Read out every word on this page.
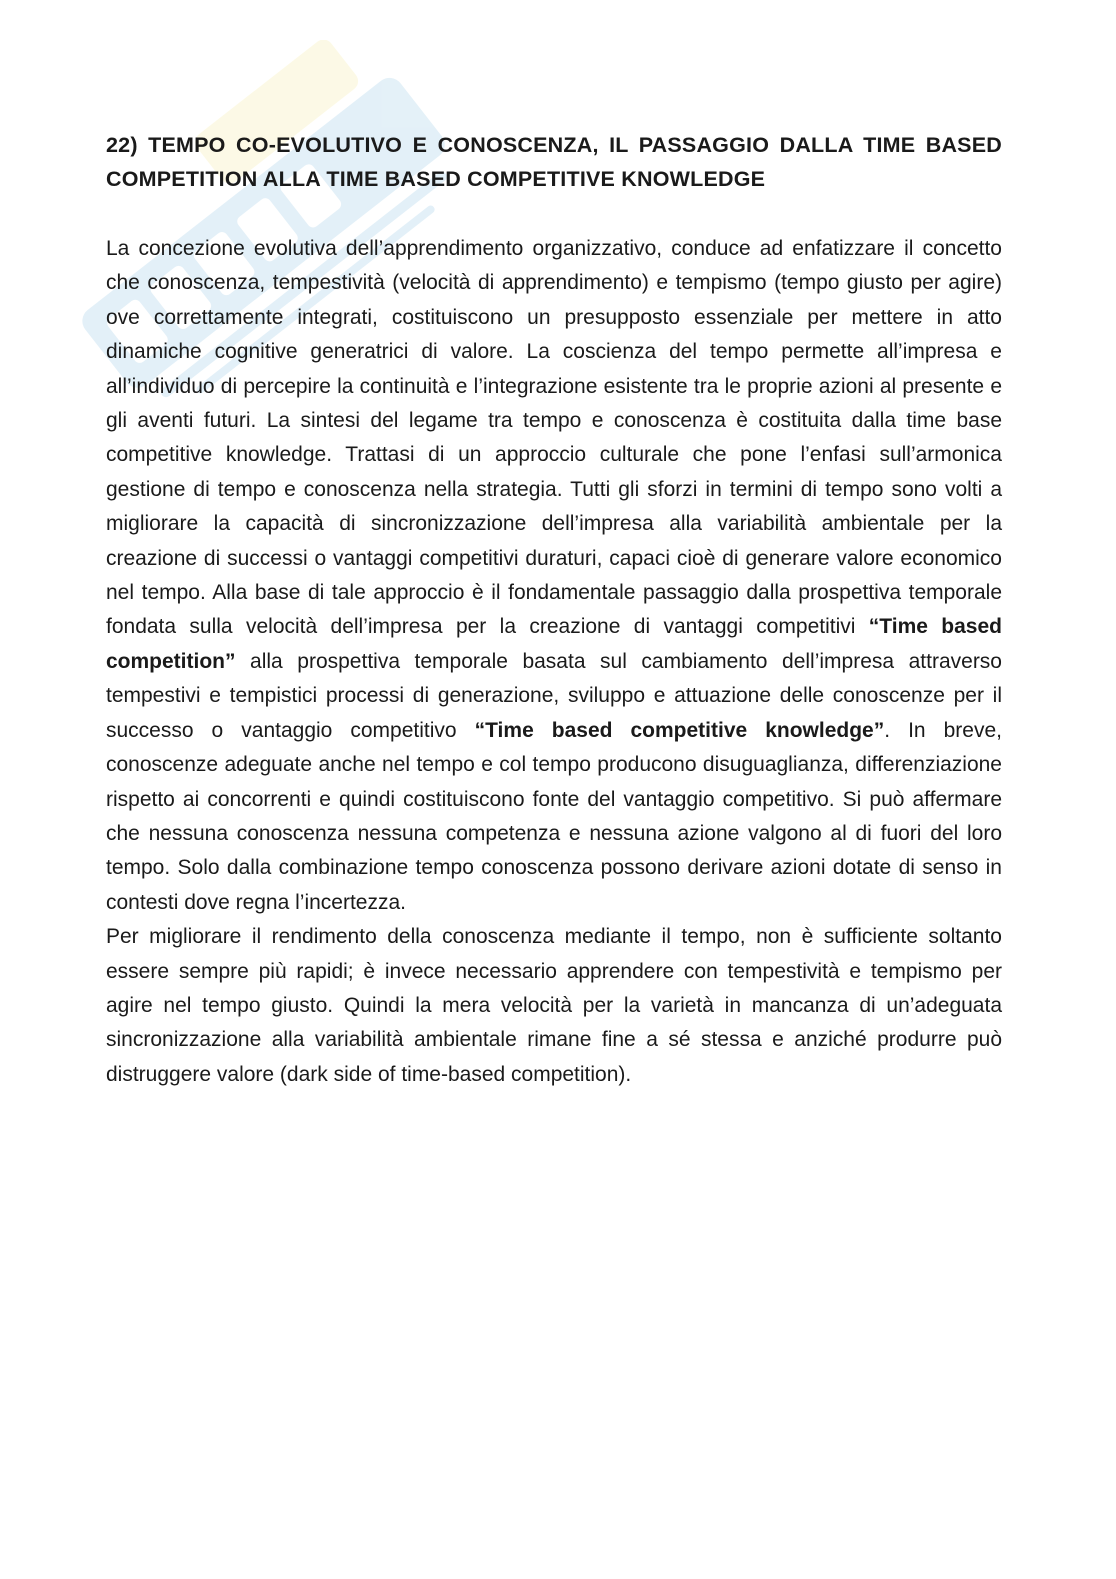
22) TEMPO CO-EVOLUTIVO E CONOSCENZA, IL PASSAGGIO DALLA TIME BASED COMPETITION ALLA TIME BASED COMPETITIVE KNOWLEDGE

La concezione evolutiva dell’apprendimento organizzativo, conduce ad enfatizzare il concetto che conoscenza, tempestività (velocità di apprendimento) e tempismo (tempo giusto per agire) ove correttamente integrati, costituiscono un presupposto essenziale per mettere in atto dinamiche cognitive generatrici di valore. La coscienza del tempo permette all’impresa e all’individuo di percepire la continuità e l’integrazione esistente tra le proprie azioni al presente e gli aventi futuri. La sintesi del legame tra tempo e conoscenza è costituita dalla time base competitive knowledge. Trattasi di un approccio culturale che pone l’enfasi sull’armonica gestione di tempo e conoscenza nella strategia. Tutti gli sforzi in termini di tempo sono volti a migliorare la capacità di sincronizzazione dell’impresa alla variabilità ambientale per la creazione di successi o vantaggi competitivi duraturi, capaci cioè di generare valore economico nel tempo. Alla base di tale approccio è il fondamentale passaggio dalla prospettiva temporale fondata sulla velocità dell’impresa per la creazione di vantaggi competitivi “Time based competition” alla prospettiva temporale basata sul cambiamento dell’impresa attraverso tempestivi e tempistici processi di generazione, sviluppo e attuazione delle conoscenze per il successo o vantaggio competitivo “Time based competitive knowledge”. In breve, conoscenze adeguate anche nel tempo e col tempo producono disuguaglianza, differenziazione rispetto ai concorrenti e quindi costituiscono fonte del vantaggio competitivo. Si può affermare che nessuna conoscenza nessuna competenza e nessuna azione valgono al di fuori del loro tempo. Solo dalla combinazione tempo conoscenza possono derivare azioni dotate di senso in contesti dove regna l’incertezza.

Per migliorare il rendimento della conoscenza mediante il tempo, non è sufficiente soltanto essere sempre più rapidi; è invece necessario apprendere con tempestività e tempismo per agire nel tempo giusto. Quindi la mera velocità per la varietà in mancanza di un’adeguata sincronizzazione alla variabilità ambientale rimane fine a sé stessa e anziché produrre può distruggere valore (dark side of time-based competition).
